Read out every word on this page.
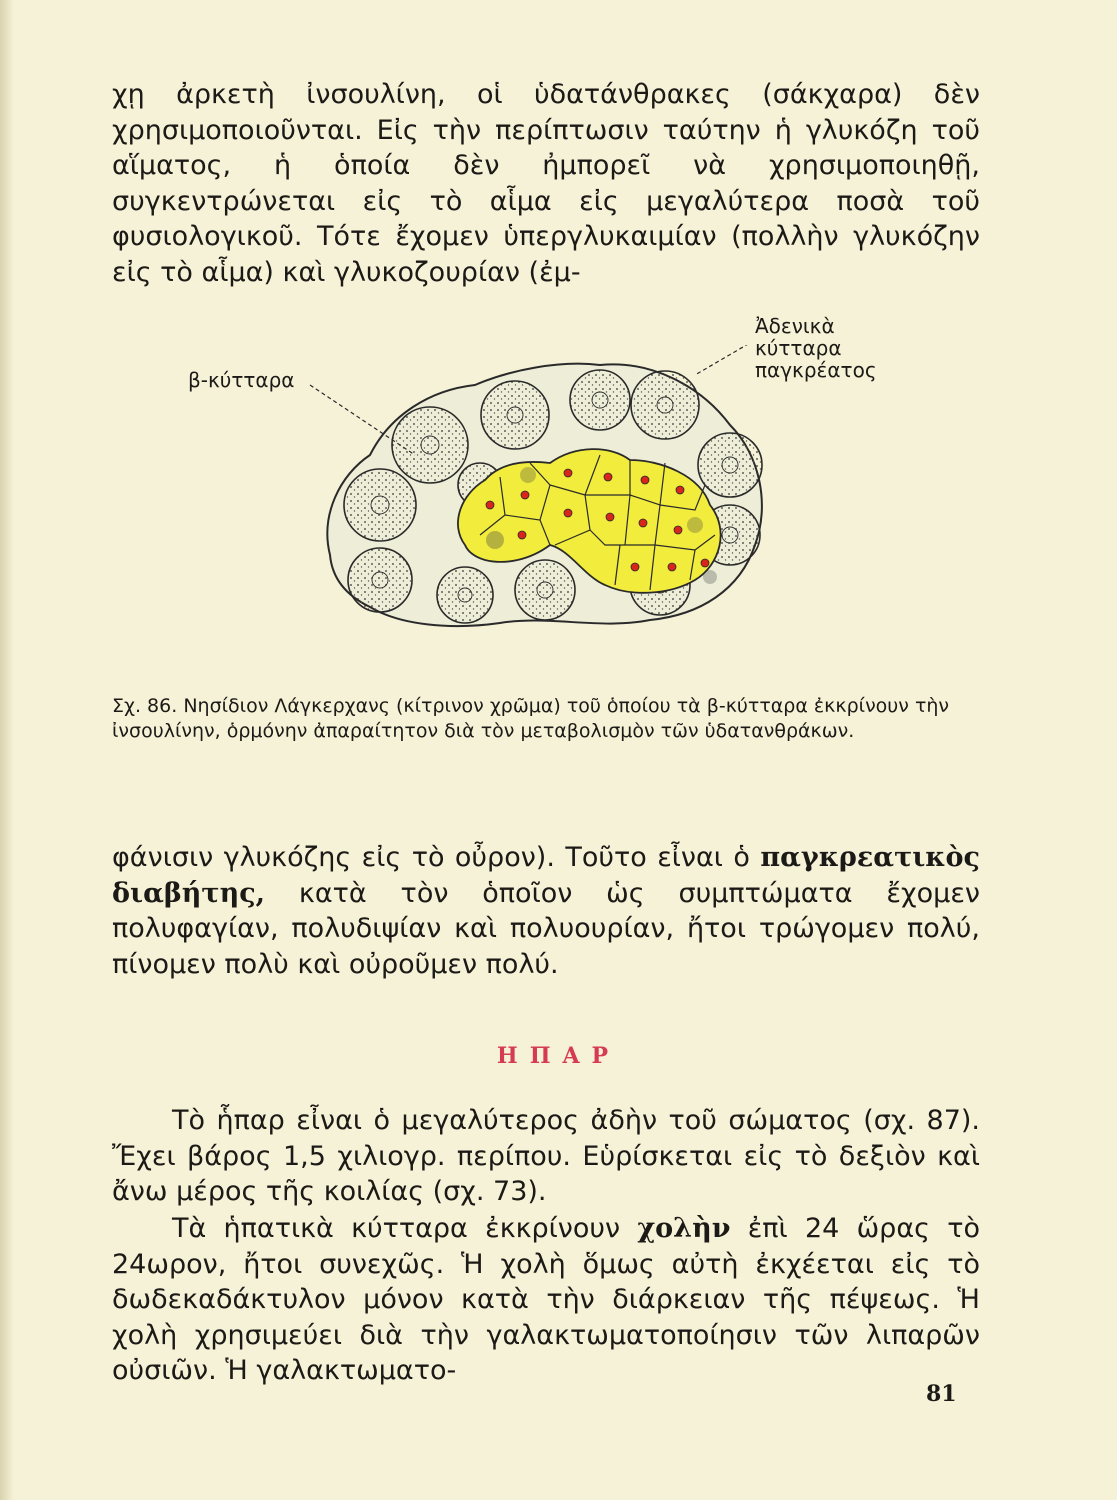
χῃ ἀρκετὴ ἰνσουλίνη, οἱ ὑδατάνθρακες (σάκχαρα) δὲν χρησιμοποιοῦνται. Εἰς τὴν περίπτωσιν ταύτην ἡ γλυκόζη τοῦ αἵματος, ἡ ὁποία δὲν ἠμπορεῖ νὰ χρησιμοποιηθῇ, συγκεντρώνεται εἰς τὸ αἷμα εἰς μεγαλύτερα ποσὰ τοῦ φυσιολογικοῦ. Τότε ἔχομεν ὑπεργλυκαιμίαν (πολλὴν γλυκόζην εἰς τὸ αἷμα) καὶ γλυκοζουρίαν (ἐμ-

β-κύτταρα
Ἀδενικὰ
κύτταρα
παγκρέατος

Σχ. 86. Νησίδιον Λάγκερχανς (κίτρινον χρῶμα) τοῦ ὁποίου τὰ β-κύτταρα ἐκκρίνουν τὴν ἰνσουλίνην, ὁρμόνην ἀπαραίτητον διὰ τὸν μεταβολισμὸν τῶν ὑδατανθράκων.

φάνισιν γλυκόζης εἰς τὸ οὖρον). Τοῦτο εἶναι ὁ παγκρεατικὸς διαβήτης, κατὰ τὸν ὁποῖον ὡς συμπτώματα ἔχομεν πολυφαγίαν, πολυδιψίαν καὶ πολυουρίαν, ἤτοι τρώγομεν πολύ, πίνομεν πολὺ καὶ οὐροῦμεν πολύ.

ΗΠΑΡ

Τὸ ἧπαρ εἶναι ὁ μεγαλύτερος ἀδὴν τοῦ σώματος (σχ. 87). Ἔχει βάρος 1,5 χιλιογρ. περίπου. Εὑρίσκεται εἰς τὸ δεξιὸν καὶ ἄνω μέρος τῆς κοιλίας (σχ. 73).

Τὰ ἡπατικὰ κύτταρα ἐκκρίνουν χολὴν ἐπὶ 24 ὥρας τὸ 24ωρον, ἤτοι συνεχῶς. Ἡ χολὴ ὅμως αὐτὴ ἐκχέεται εἰς τὸ δωδεκαδάκτυλον μόνον κατὰ τὴν διάρκειαν τῆς πέψεως. Ἡ χολὴ χρησιμεύει διὰ τὴν γαλακτωματοποίησιν τῶν λιπαρῶν οὐσιῶν. Ἡ γαλακτωματο-

81
